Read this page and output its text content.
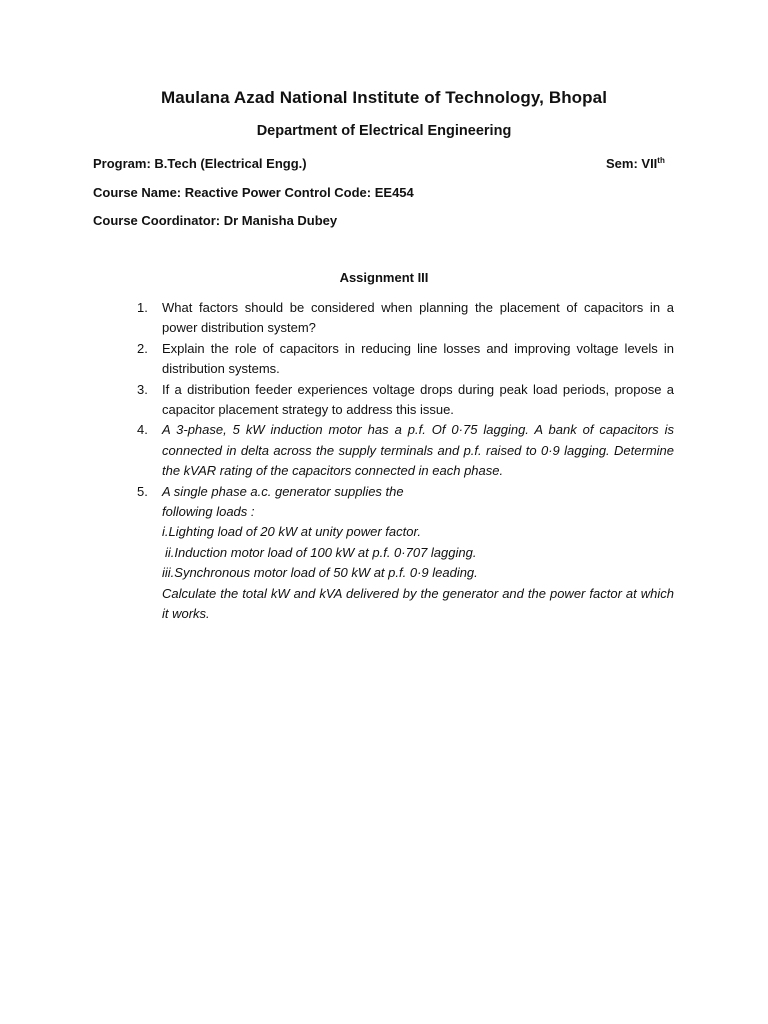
Maulana Azad National Institute of Technology, Bhopal
Department of Electrical Engineering
Program: B.Tech (Electrical Engg.)	Sem: VIIth
Course Name: Reactive Power Control Code: EE454
Course Coordinator: Dr Manisha Dubey
Assignment III
1. What factors should be considered when planning the placement of capacitors in a power distribution system?
2. Explain the role of capacitors in reducing line losses and improving voltage levels in distribution systems.
3. If a distribution feeder experiences voltage drops during peak load periods, propose a capacitor placement strategy to address this issue.
4. A 3-phase, 5 kW induction motor has a p.f. Of 0·75 lagging. A bank of capacitors is connected in delta across the supply terminals and p.f. raised to 0·9 lagging. Determine the kVAR rating of the capacitors connected in each phase.
5. A single phase a.c. generator supplies the
following loads :
i.Lighting load of 20 kW at unity power factor.
ii.Induction motor load of 100 kW at p.f. 0·707 lagging.
iii.Synchronous motor load of 50 kW at p.f. 0·9 leading.
Calculate the total kW and kVA delivered by the generator and the power factor at which it works.
